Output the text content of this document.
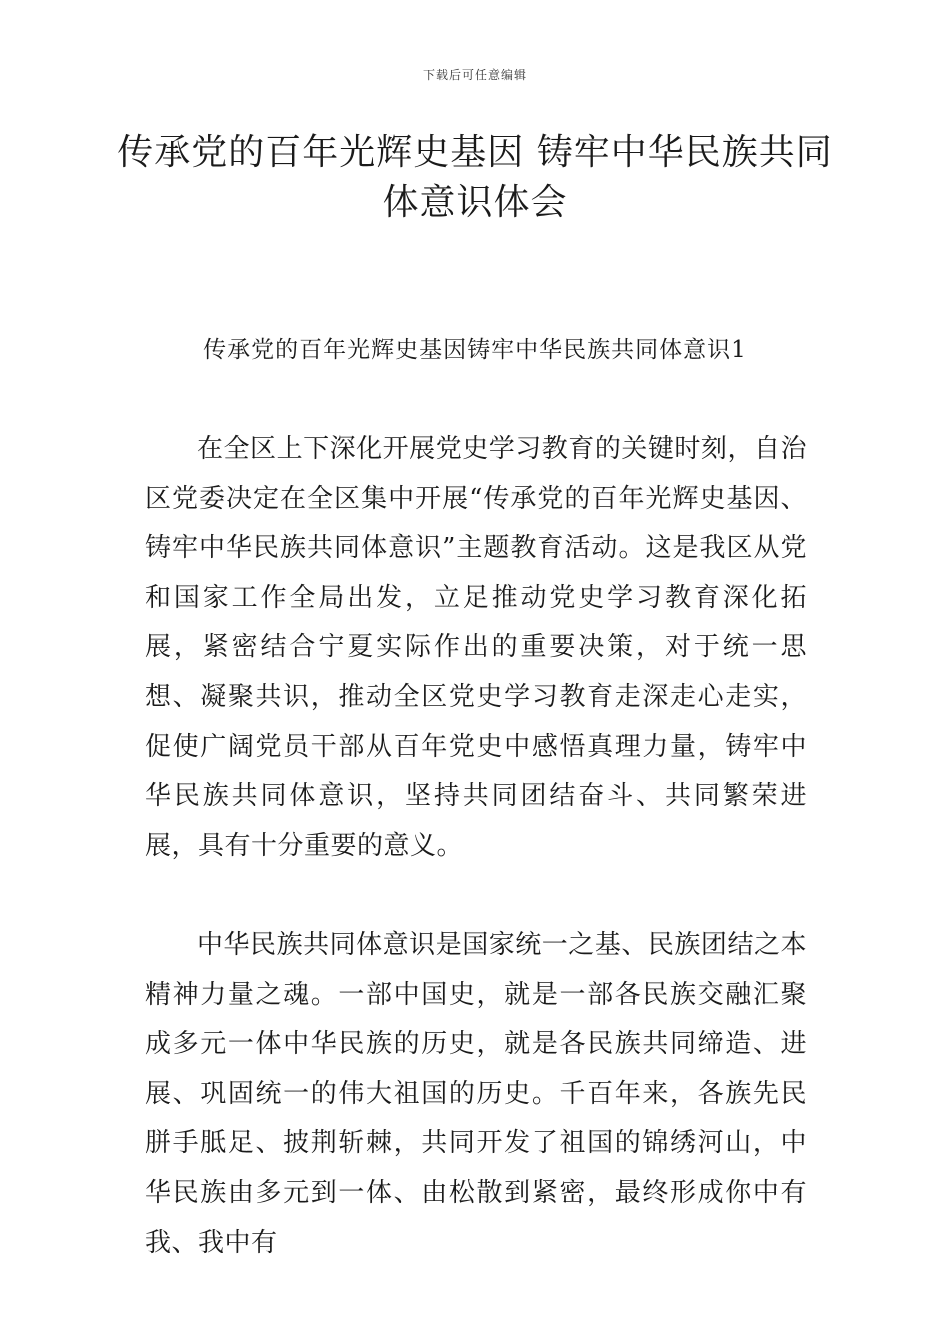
下载后可任意编辑
传承党的百年光辉史基因 铸牢中华民族共同体意识体会
传承党的百年光辉史基因铸牢中华民族共同体意识1

在全区上下深化开展党史学习教育的关键时刻，自治区党委决定在全区集中开展“传承党的百年光辉史基因、铸牢中华民族共同体意识”主题教育活动。这是我区从党和国家工作全局出发，立足推动党史学习教育深化拓展，紧密结合宁夏实际作出的重要决策，对于统一思想、凝聚共识，推动全区党史学习教育走深走心走实，促使广阔党员干部从百年党史中感悟真理力量，铸牢中华民族共同体意识，坚持共同团结奋斗、共同繁荣进展，具有十分重要的意义。

中华民族共同体意识是国家统一之基、民族团结之本精神力量之魂。一部中国史，就是一部各民族交融汇聚成多元一体中华民族的历史，就是各民族共同缔造、进展、巩固统一的伟大祖国的历史。千百年来，各族先民胼手胝足、披荆斩棘，共同开发了祖国的锦绣河山，中华民族由多元到一体、由松散到紧密，最终形成你中有我、我中有
